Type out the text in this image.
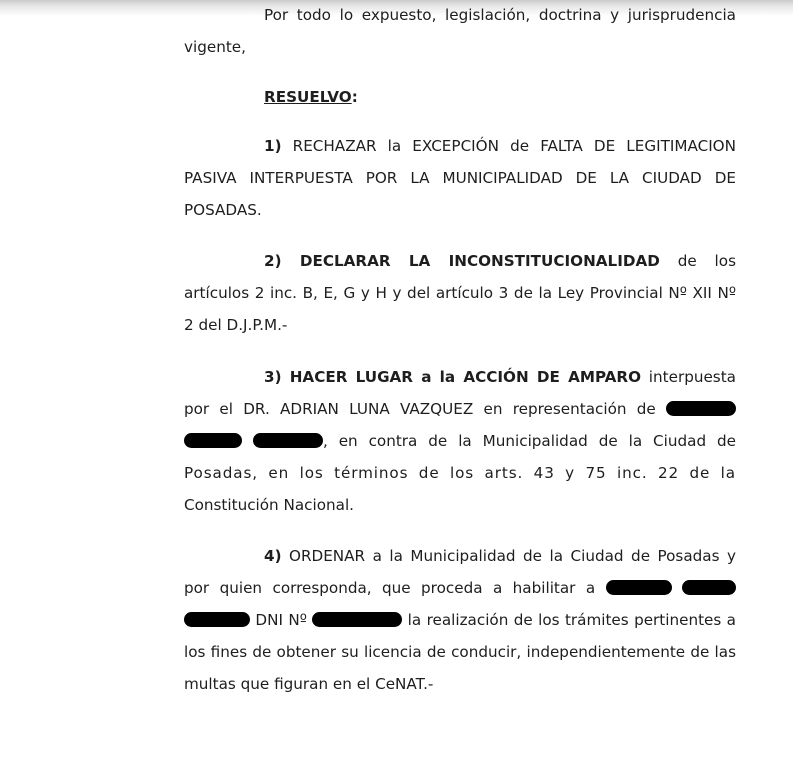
Por todo lo expuesto, legislación, doctrina y jurisprudencia vigente,

RESUELVO:

1) RECHAZAR la EXCEPCIÓN de FALTA DE LEGITIMACION PASIVA INTERPUESTA POR LA MUNICIPALIDAD DE LA CIUDAD DE POSADAS.

2) DECLARAR LA INCONSTITUCIONALIDAD de los artículos 2 inc. B, E, G y H y del artículo 3 de la Ley Provincial Nº XII Nº 2 del D.J.P.M.-

3) HACER LUGAR a la ACCIÓN DE AMPARO interpuesta por el DR. ADRIAN LUNA VAZQUEZ en representación de   , en contra de la Municipalidad de la Ciudad de Posadas, en los términos de los arts. 43 y 75 inc. 22 de la Constitución Nacional.

4) ORDENAR a la Municipalidad de la Ciudad de Posadas y por quien corresponda, que proceda a habilitar a    DNI Nº	la realización de los trámites pertinentes a los fines de obtener su licencia de conducir, independientemente de las multas que figuran en el CeNAT.-
